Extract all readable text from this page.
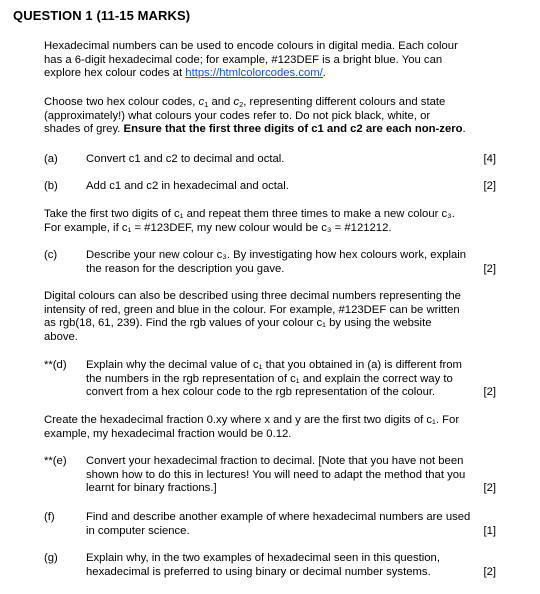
QUESTION 1 (11-15 MARKS)

Hexadecimal numbers can be used to encode colours in digital media. Each colour

has a 6-digit hexadecimal code; for example, #123DEF is a bright blue. You can

explore hex colour codes at https://htmlcolorcodes.com/.

Choose two hex colour codes, $c_1$ and $c_2$, representing different colours and state

(approximately!) what colours your codes refer to. Do not pick black, white, or

shades of grey. Ensure that the first three digits of c1 and c2 are each non-zero.

(a) Convert c1 and c2 to decimal and octal.	[4]
(b) Add c1 and c2 in hexadecimal and octal.	[2]

Take the first two digits of c₁ and repeat them three times to make a new colour c₃.

For example, if c₁ = #123DEF, my new colour would be c₃ = #121212.

(c)	Describe your new colour c₃. By investigating how hex colours work, explain
the reason for the description you gave.	[2]

Digital colours can also be described using three decimal numbers representing the

intensity of red, green and blue in the colour. For example, #123DEF can be written

as rgb(18, 61, 239). Find the rgb values of your colour c₁ by using the website

above.

**(d) Explain why the decimal value of c₁ that you obtained in (a) is different from
the numbers in the rgb representation of c₁ and explain the correct way to
convert from a hex colour code to the rgb representation of the colour.	[2]

Create the hexadecimal fraction 0.xy where x and y are the first two digits of c₁. For

example, my hexadecimal fraction would be 0.12.

**(e) Convert your hexadecimal fraction to decimal. [Note that you have not been
shown how to do this in lectures! You will need to adapt the method that you
learnt for binary fractions.]	[2]
(f)	Find and describe another example of where hexadecimal numbers are used
in computer science.	[1]
(g) Explain why, in the two examples of hexadecimal seen in this question,
hexadecimal is preferred to using binary or decimal number systems.	[2]
